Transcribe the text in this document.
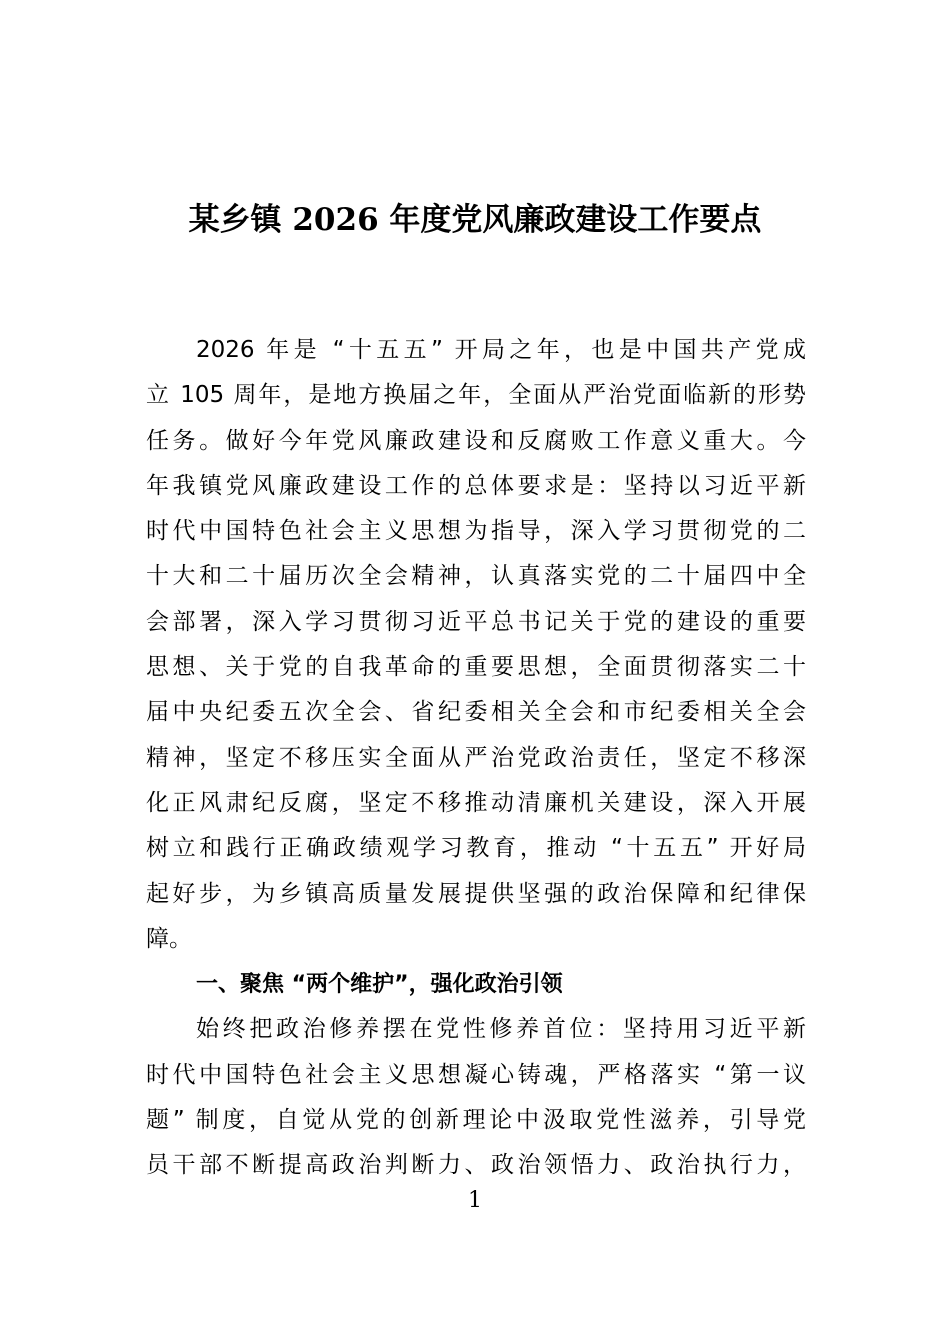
某乡镇 2026 年度党风廉政建设工作要点
2026 年是 “十五五” 开局之年，也是中国共产党成
立 105 周年，是地方换届之年，全面从严治党面临新的形势
任务。做好今年党风廉政建设和反腐败工作意义重大。今
年我镇党风廉政建设工作的总体要求是：坚持以习近平新
时代中国特色社会主义思想为指导，深入学习贯彻党的二
十大和二十届历次全会精神，认真落实党的二十届四中全
会部署，深入学习贯彻习近平总书记关于党的建设的重要
思想、关于党的自我革命的重要思想，全面贯彻落实二十
届中央纪委五次全会、省纪委相关全会和市纪委相关全会
精神，坚定不移压实全面从严治党政治责任，坚定不移深
化正风肃纪反腐，坚定不移推动清廉机关建设，深入开展
树立和践行正确政绩观学习教育，推动 “十五五” 开好局
起好步，为乡镇高质量发展提供坚强的政治保障和纪律保
障。
一、聚焦 “两个维护”，强化政治引领
始终把政治修养摆在党性修养首位：坚持用习近平新
时代中国特色社会主义思想凝心铸魂，严格落实 “第一议
题” 制度，自觉从党的创新理论中汲取党性滋养，引导党
员干部不断提高政治判断力、政治领悟力、政治执行力，
1
